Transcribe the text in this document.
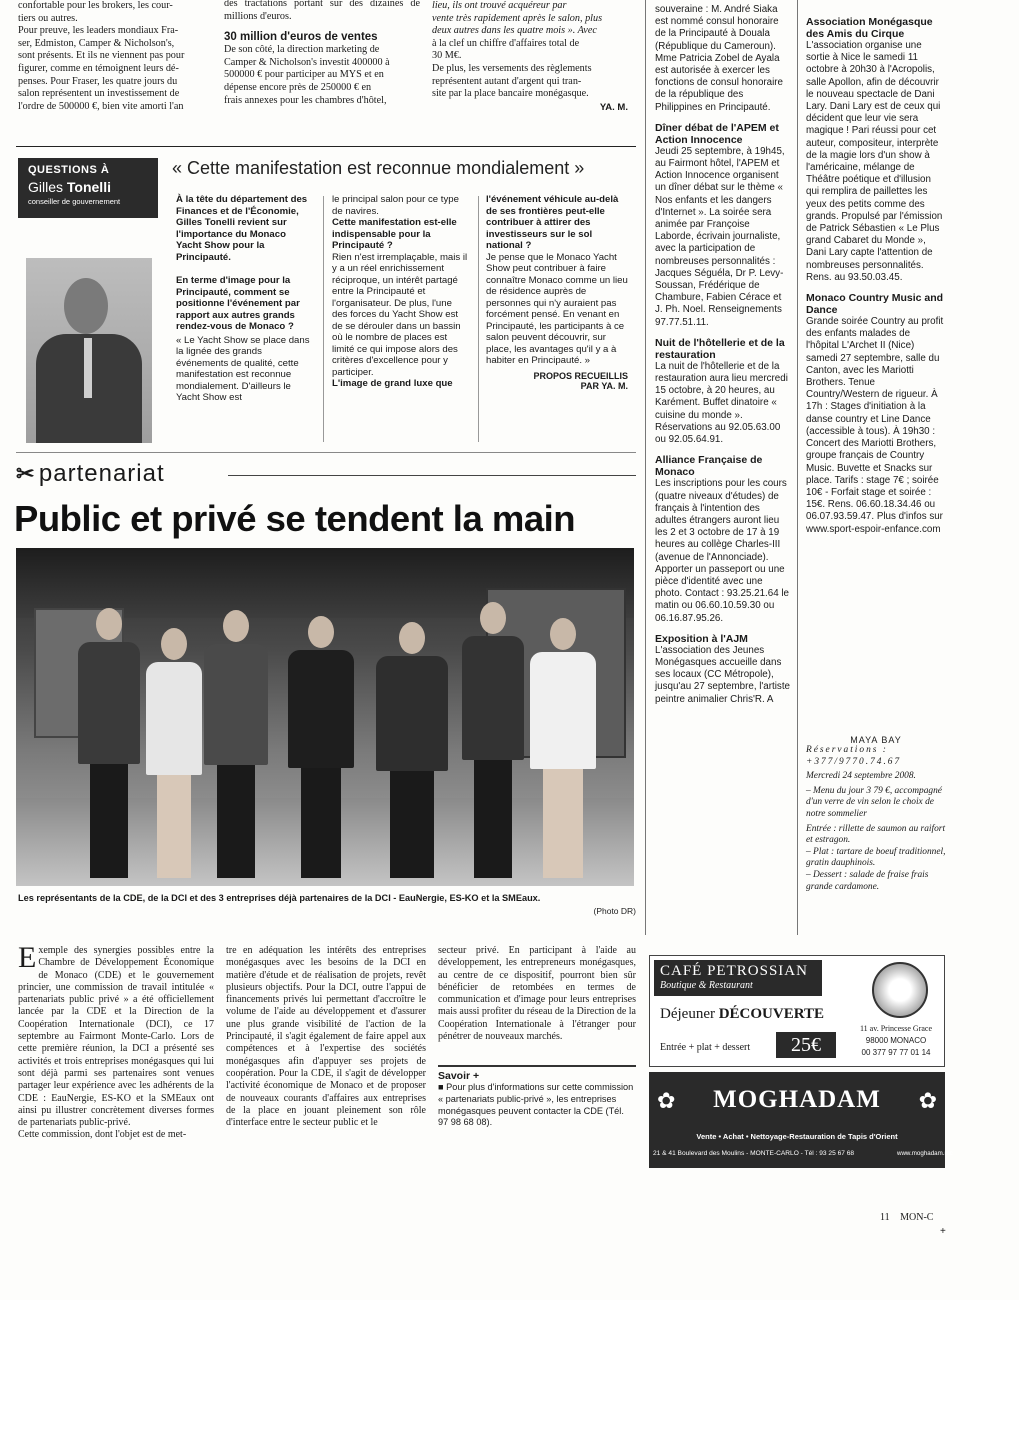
confortable pour les brokers, les cour-
tiers ou autres.
Pour preuve, les leaders mondiaux Fra-
ser, Edmiston, Camper & Nicholson's,
sont présents. Et ils ne viennent pas pour
figurer, comme en témoignent leurs dé-
penses. Pour Fraser, les quatre jours du
salon représentent un investissement de
l'ordre de 500000 €, bien vite amorti l'an

des tractations portant sur des dizaines de millions d'euros.

30 million d'euros de ventes
De son côté, la direction marketing de
Camper & Nicholson's investit 400000 à
500000 € pour participer au MYS et en
dépense encore près de 250000 € en
frais annexes pour les chambres d'hôtel,
lieu, ils ont trouvé acquéreur par
vente très rapidement après le salon, plus
deux autres dans les quatre mois ». Avec
à la clef un chiffre d'affaires total de
30 M€.
De plus, les versements des règlements
représentent autant d'argent qui tran-
site par la place bancaire monégasque.
YA. M.
QUESTIONS À
Gilles Tonelli
conseiller de gouvernement
« Cette manifestation est reconnue mondialement »
À la tête du département des Finances et de l'Économie, Gilles Tonelli revient sur l'importance du Monaco Yacht Show pour la Principauté.
En terme d'image pour la Principauté, comment se positionne l'événement par rapport aux autres grands rendez-vous de Monaco ?
« Le Yacht Show se place dans la lignée des grands événements de qualité, cette manifestation est reconnue mondialement. D'ailleurs le Yacht Show est
le principal salon pour ce type de navires.
Cette manifestation est-elle indispensable pour la Principauté ?
Rien n'est irremplaçable, mais il y a un réel enrichissement réciproque, un intérêt partagé entre la Principauté et l'organisateur. De plus, l'une des forces du Yacht Show est de se dérouler dans un bassin où le nombre de places est limité ce qui impose alors des critères d'excellence pour y participer.
L'image de grand luxe que
l'événement véhicule au-delà de ses frontières peut-elle contribuer à attirer des investisseurs sur le sol national ?
Je pense que le Monaco Yacht Show peut contribuer à faire connaître Monaco comme un lieu de résidence auprès de personnes qui n'y auraient pas forcément pensé. En venant en Principauté, les participants à ce salon peuvent découvrir, sur place, les avantages qu'il y a à habiter en Principauté. »
PROPOS RECUEILLIS
PAR YA. M.
✂ partenariat
Public et privé se tendent la main
Les représentants de la CDE, de la DCI et des 3 entreprises déjà partenaires de la DCI - EauNergie, ES-KO et la SMEaux.
(Photo DR)

E xemple des synergies possibles entre la Chambre de Développement Économique de Monaco (CDE) et le gouvernement princier, une commission de travail intitulée « partenariats public privé » a été officiellement lancée par la CDE et la Direction de la Coopération Internationale (DCI), ce 17 septembre au Fairmont Monte-Carlo. Lors de cette première réunion, la DCI a présenté ses activités et trois entreprises monégasques qui lui sont déjà parmi ses partenaires sont venues partager leur expérience avec les adhérents de la CDE : EauNergie, ES-KO et la SMEaux ont ainsi pu illustrer concrètement diverses formes de partenariats public-privé.

Cette commission, dont l'objet est de met-

tre en adéquation les intérêts des entreprises monégasques avec les besoins de la DCI en matière d'étude et de réalisation de projets, revêt plusieurs objectifs. Pour la DCI, outre l'appui de financements privés lui permettant d'accroître le volume de l'aide au développement et d'assurer une plus grande visibilité de l'action de la Principauté, il s'agit également de faire appel aux compétences et à l'expertise des sociétés monégasques afin d'appuyer ses projets de coopération. Pour la CDE, il s'agit de développer l'activité économique de Monaco et de proposer de nouveaux courants d'affaires aux entreprises de la place en jouant pleinement son rôle d'interface entre le secteur public et le

secteur privé. En participant à l'aide au développement, les entrepreneurs monégasques, au centre de ce dispositif, pourront bien sûr bénéficier de retombées en termes de communication et d'image pour leurs entreprises mais aussi profiter du réseau de la Direction de la Coopération Internationale à l'étranger pour pénétrer de nouveaux marchés.

Savoir +
■ Pour plus d'informations sur cette commission « partenariats public-privé », les entreprises monégasques peuvent contacter la CDE (Tél. 97 98 68 08).
souveraine : M. André Siaka est nommé consul honoraire de la Principauté à Douala (République du Cameroun). Mme Patricia Zobel de Ayala est autorisée à exercer les fonctions de consul honoraire de la république des Philippines en Principauté.
Dîner débat de l'APEM et Action Innocence
Jeudi 25 septembre, à 19h45, au Fairmont hôtel, l'APEM et Action Innocence organisent un dîner débat sur le thème « Nos enfants et les dangers d'Internet ». La soirée sera animée par Françoise Laborde, écrivain journaliste, avec la participation de nombreuses personnalités : Jacques Séguéla, Dr P. Levy-Soussan, Frédérique de Chambure, Fabien Cérace et J. Ph. Noel. Renseignements 97.77.51.11.
Nuit de l'hôtellerie et de la restauration
La nuit de l'hôtellerie et de la restauration aura lieu mercredi 15 octobre, à 20 heures, au Karément. Buffet dinatoire « cuisine du monde ». Réservations au 92.05.63.00 ou 92.05.64.91.
Alliance Française de Monaco
Les inscriptions pour les cours (quatre niveaux d'études) de français à l'intention des adultes étrangers auront lieu les 2 et 3 octobre de 17 à 19 heures au collège Charles-III (avenue de l'Annonciade). Apporter un passeport ou une pièce d'identité avec une photo. Contact : 93.25.21.64 le matin ou 06.60.10.59.30 ou 06.16.87.95.26.
Exposition à l'AJM
L'association des Jeunes Monégasques accueille dans ses locaux (CC Métropole), jusqu'au 27 septembre, l'artiste peintre animalier Chris'R. A
Association Monégasque des Amis du Cirque
L'association organise une sortie à Nice le samedi 11 octobre à 20h30 à l'Acropolis, salle Apollon, afin de découvrir le nouveau spectacle de Dani Lary. Dani Lary est de ceux qui décident que leur vie sera magique ! Pari réussi pour cet auteur, compositeur, interprète de la magie lors d'un show à l'américaine, mélange de Théâtre poétique et d'illusion qui remplira de paillettes les yeux des petits comme des grands. Propulsé par l'émission de Patrick Sébastien « Le Plus grand Cabaret du Monde », Dani Lary capte l'attention de nombreuses personnalités. Rens. au 93.50.03.45.
Monaco Country Music and Dance
Grande soirée Country au profit des enfants malades de l'hôpital L'Archet II (Nice) samedi 27 septembre, salle du Canton, avec les Mariotti Brothers. Tenue Country/Western de rigueur. À 17h : Stages d'initiation à la danse country et Line Dance (accessible à tous). À 19h30 : Concert des Mariotti Brothers, groupe français de Country Music. Buvette et Snacks sur place. Tarifs : stage 7€ ; soirée 10€ - Forfait stage et soirée : 15€. Rens. 06.60.18.34.46 ou 06.07.93.59.47. Plus d'infos sur www.sport-espoir-enfance.com
MAYA BAY
Réservations : +377/9770.74.67
Mercredi 24 septembre 2008.
– Menu du jour 3 79 €, accompagné d'un verre de vin selon le choix de notre sommelier
Entrée : rillette de saumon au raifort et estragon.
– Plat : tartare de boeuf traditionnel, gratin dauphinois.
– Dessert : salade de fraise frais grande cardamone.
CAFÉ PETROSSIAN
Boutique & Restaurant
Déjeuner DÉCOUVERTE
Entrée + plat + dessert	25€
11 av. Princesse Grace
98000 MONACO
00 377 97 77 01 14
✿	✿
MOGHADAM
Vente • Achat • Nettoyage-Restauration de Tapis d'Orient
21 & 41 Boulevard des Moulins - MONTE-CARLO - Tél : 93 25 67 68	www.moghadam.mc
11 MON-C
+
